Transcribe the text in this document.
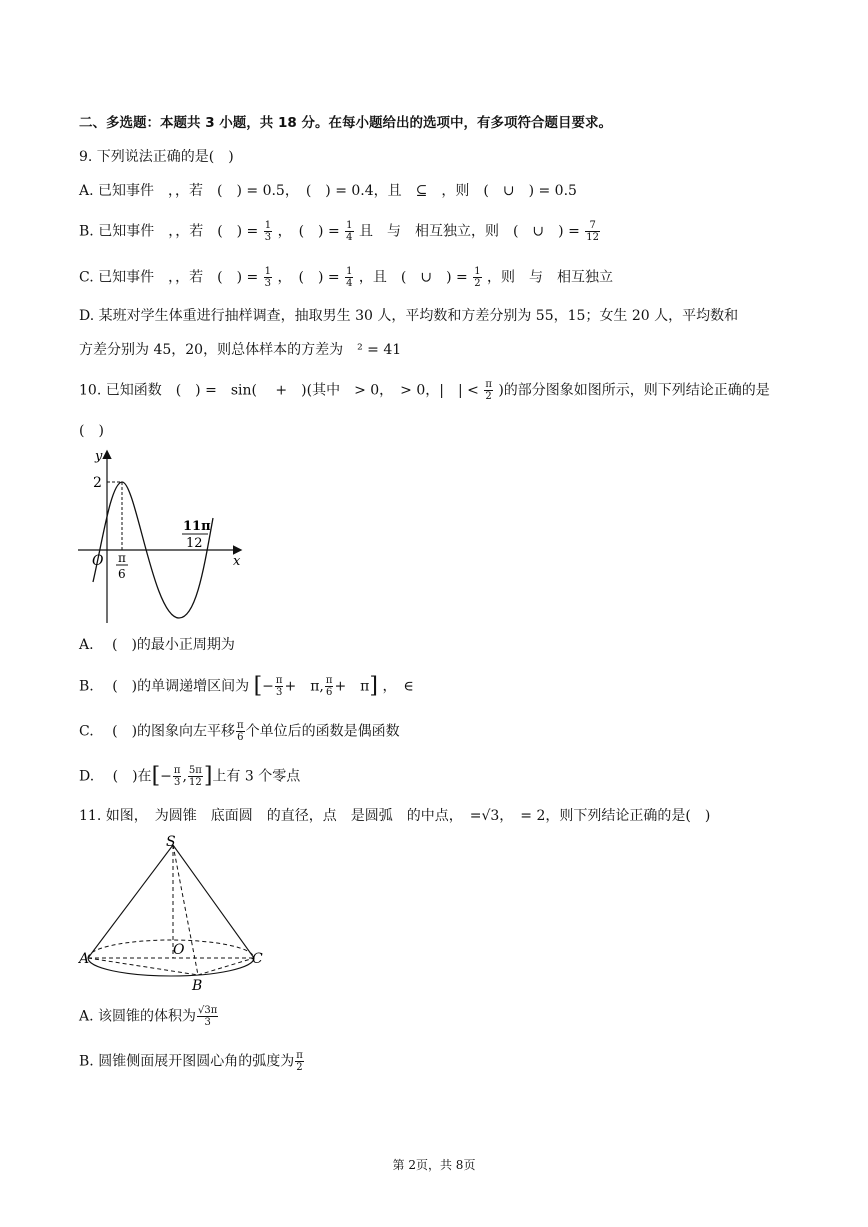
二、多选题：本题共 3 小题，共 18 分。在每小题给出的选项中，有多项符合题目要求。
9. 下列说法正确的是(　)
A. 已知事件　，，若　(　) = 0.5，　(　) = 0.4，且　⊆　，则　(　∪　) = 0.5
B. 已知事件　，，若　(　) = $\frac{1}{3}$ ，　(　) = $\frac{1}{4}$ 且　与　相互独立，则　(　∪　) = $\frac{7}{12}$
C. 已知事件　，，若　(　) = $\frac{1}{3}$ ，　(　) = $\frac{1}{4}$ ，且　(　∪　) = $\frac{1}{2}$ ，则　与　相互独立
D. 某班对学生体重进行抽样调查，抽取男生 30 人，平均数和方差分别为 55，15；女生 20 人，平均数和
方差分别为 45，20，则总体样本的方差为　² = 41
10. 已知函数　(　) =　sin(　 +　)(其中　> 0，　> 0，|　| < $\frac{\pi}{2}$ )的部分图象如图所示，则下列结论正确的是
(　)
y
x
O
2
π
6
11π
12
A. 　(　)的最小正周期为
B. 　(　)的单调递增区间为 [− $\frac{\pi}{3}$ +　π, $\frac{\pi}{6}$ +　π] ，　∈
C. 　(　)的图象向左平移 $\frac{\pi}{6}$ 个单位后的函数是偶函数
D. 　(　)在[− $\frac{\pi}{3}$ , $\frac{5\pi}{12}$ ]上有 3 个零点
11. 如图，　为圆锥　底面圆　的直径，点　是圆弧　的中点，　=√3，　= 2，则下列结论正确的是(　)
S
O
A	C
B
A. 该圆锥的体积为 $\frac{√3\pi}{3}$
B. 圆锥侧面展开图圆心角的弧度为 $\frac{\pi}{2}$
第 2页，共 8页
